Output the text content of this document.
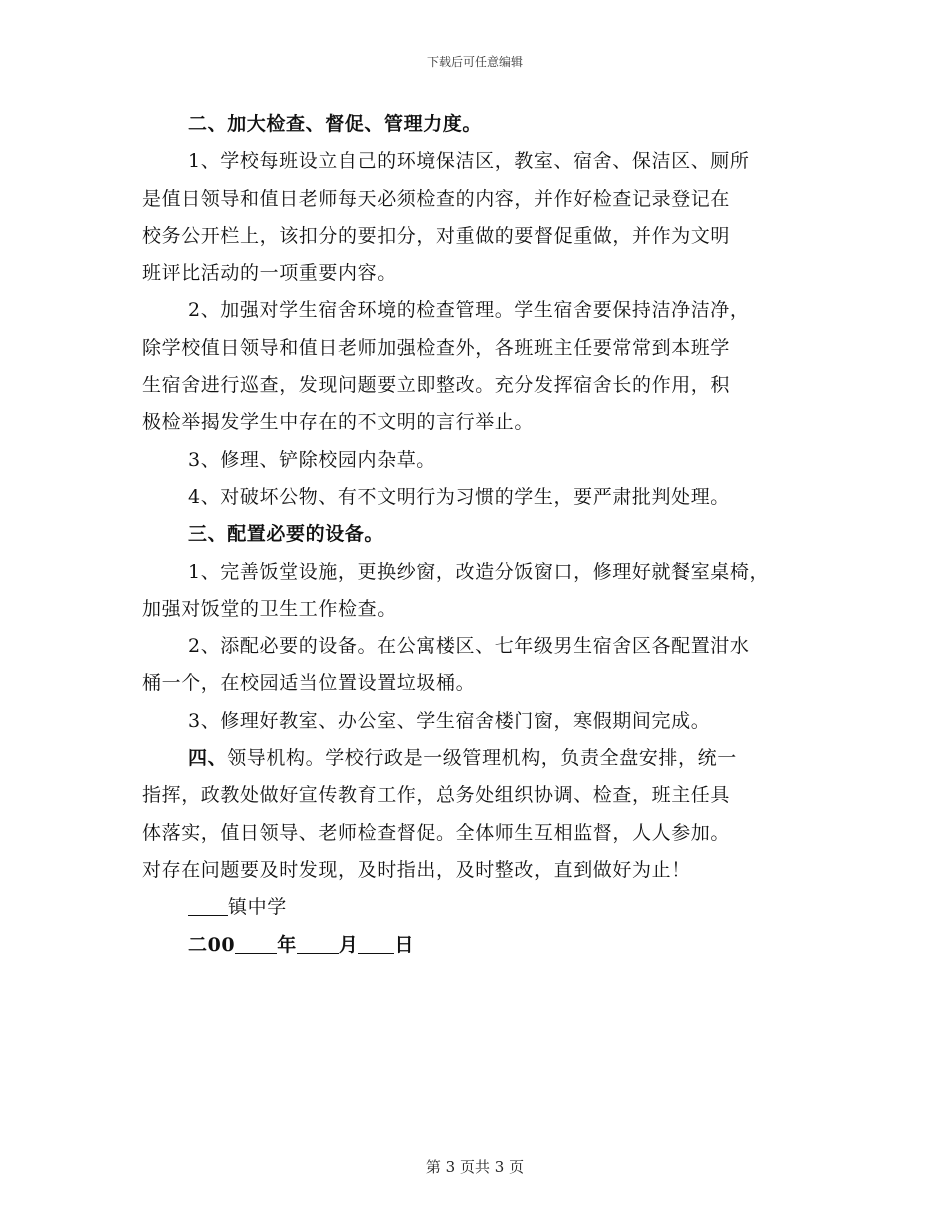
下载后可任意编辑
二、加大检查、督促、管理力度。
1、学校每班设立自己的环境保洁区，教室、宿舍、保洁区、厕所
是值日领导和值日老师每天必须检查的内容，并作好检查记录登记在
校务公开栏上，该扣分的要扣分，对重做的要督促重做，并作为文明
班评比活动的一项重要内容。
2、加强对学生宿舍环境的检查管理。学生宿舍要保持洁净洁净，
除学校值日领导和值日老师加强检查外，各班班主任要常常到本班学
生宿舍进行巡查，发现问题要立即整改。充分发挥宿舍长的作用，积
极检举揭发学生中存在的不文明的言行举止。
3、修理、铲除校园内杂草。
4、对破坏公物、有不文明行为习惯的学生，要严肃批判处理。
三、配置必要的设备。
1、完善饭堂设施，更换纱窗，改造分饭窗口，修理好就餐室桌椅，
加强对饭堂的卫生工作检查。
2、添配必要的设备。在公寓楼区、七年级男生宿舍区各配置泔水
桶一个，在校园适当位置设置垃圾桶。
3、修理好教室、办公室、学生宿舍楼门窗，寒假期间完成。
四、领导机构。学校行政是一级管理机构，负责全盘安排，统一
指挥，政教处做好宣传教育工作，总务处组织协调、检查，班主任具
体落实，值日领导、老师检查督促。全体师生互相监督，人人参加。
对存在问题要及时发现，及时指出，及时整改，直到做好为止！
镇中学
二00 年 月 日
第 3 页共 3 页
